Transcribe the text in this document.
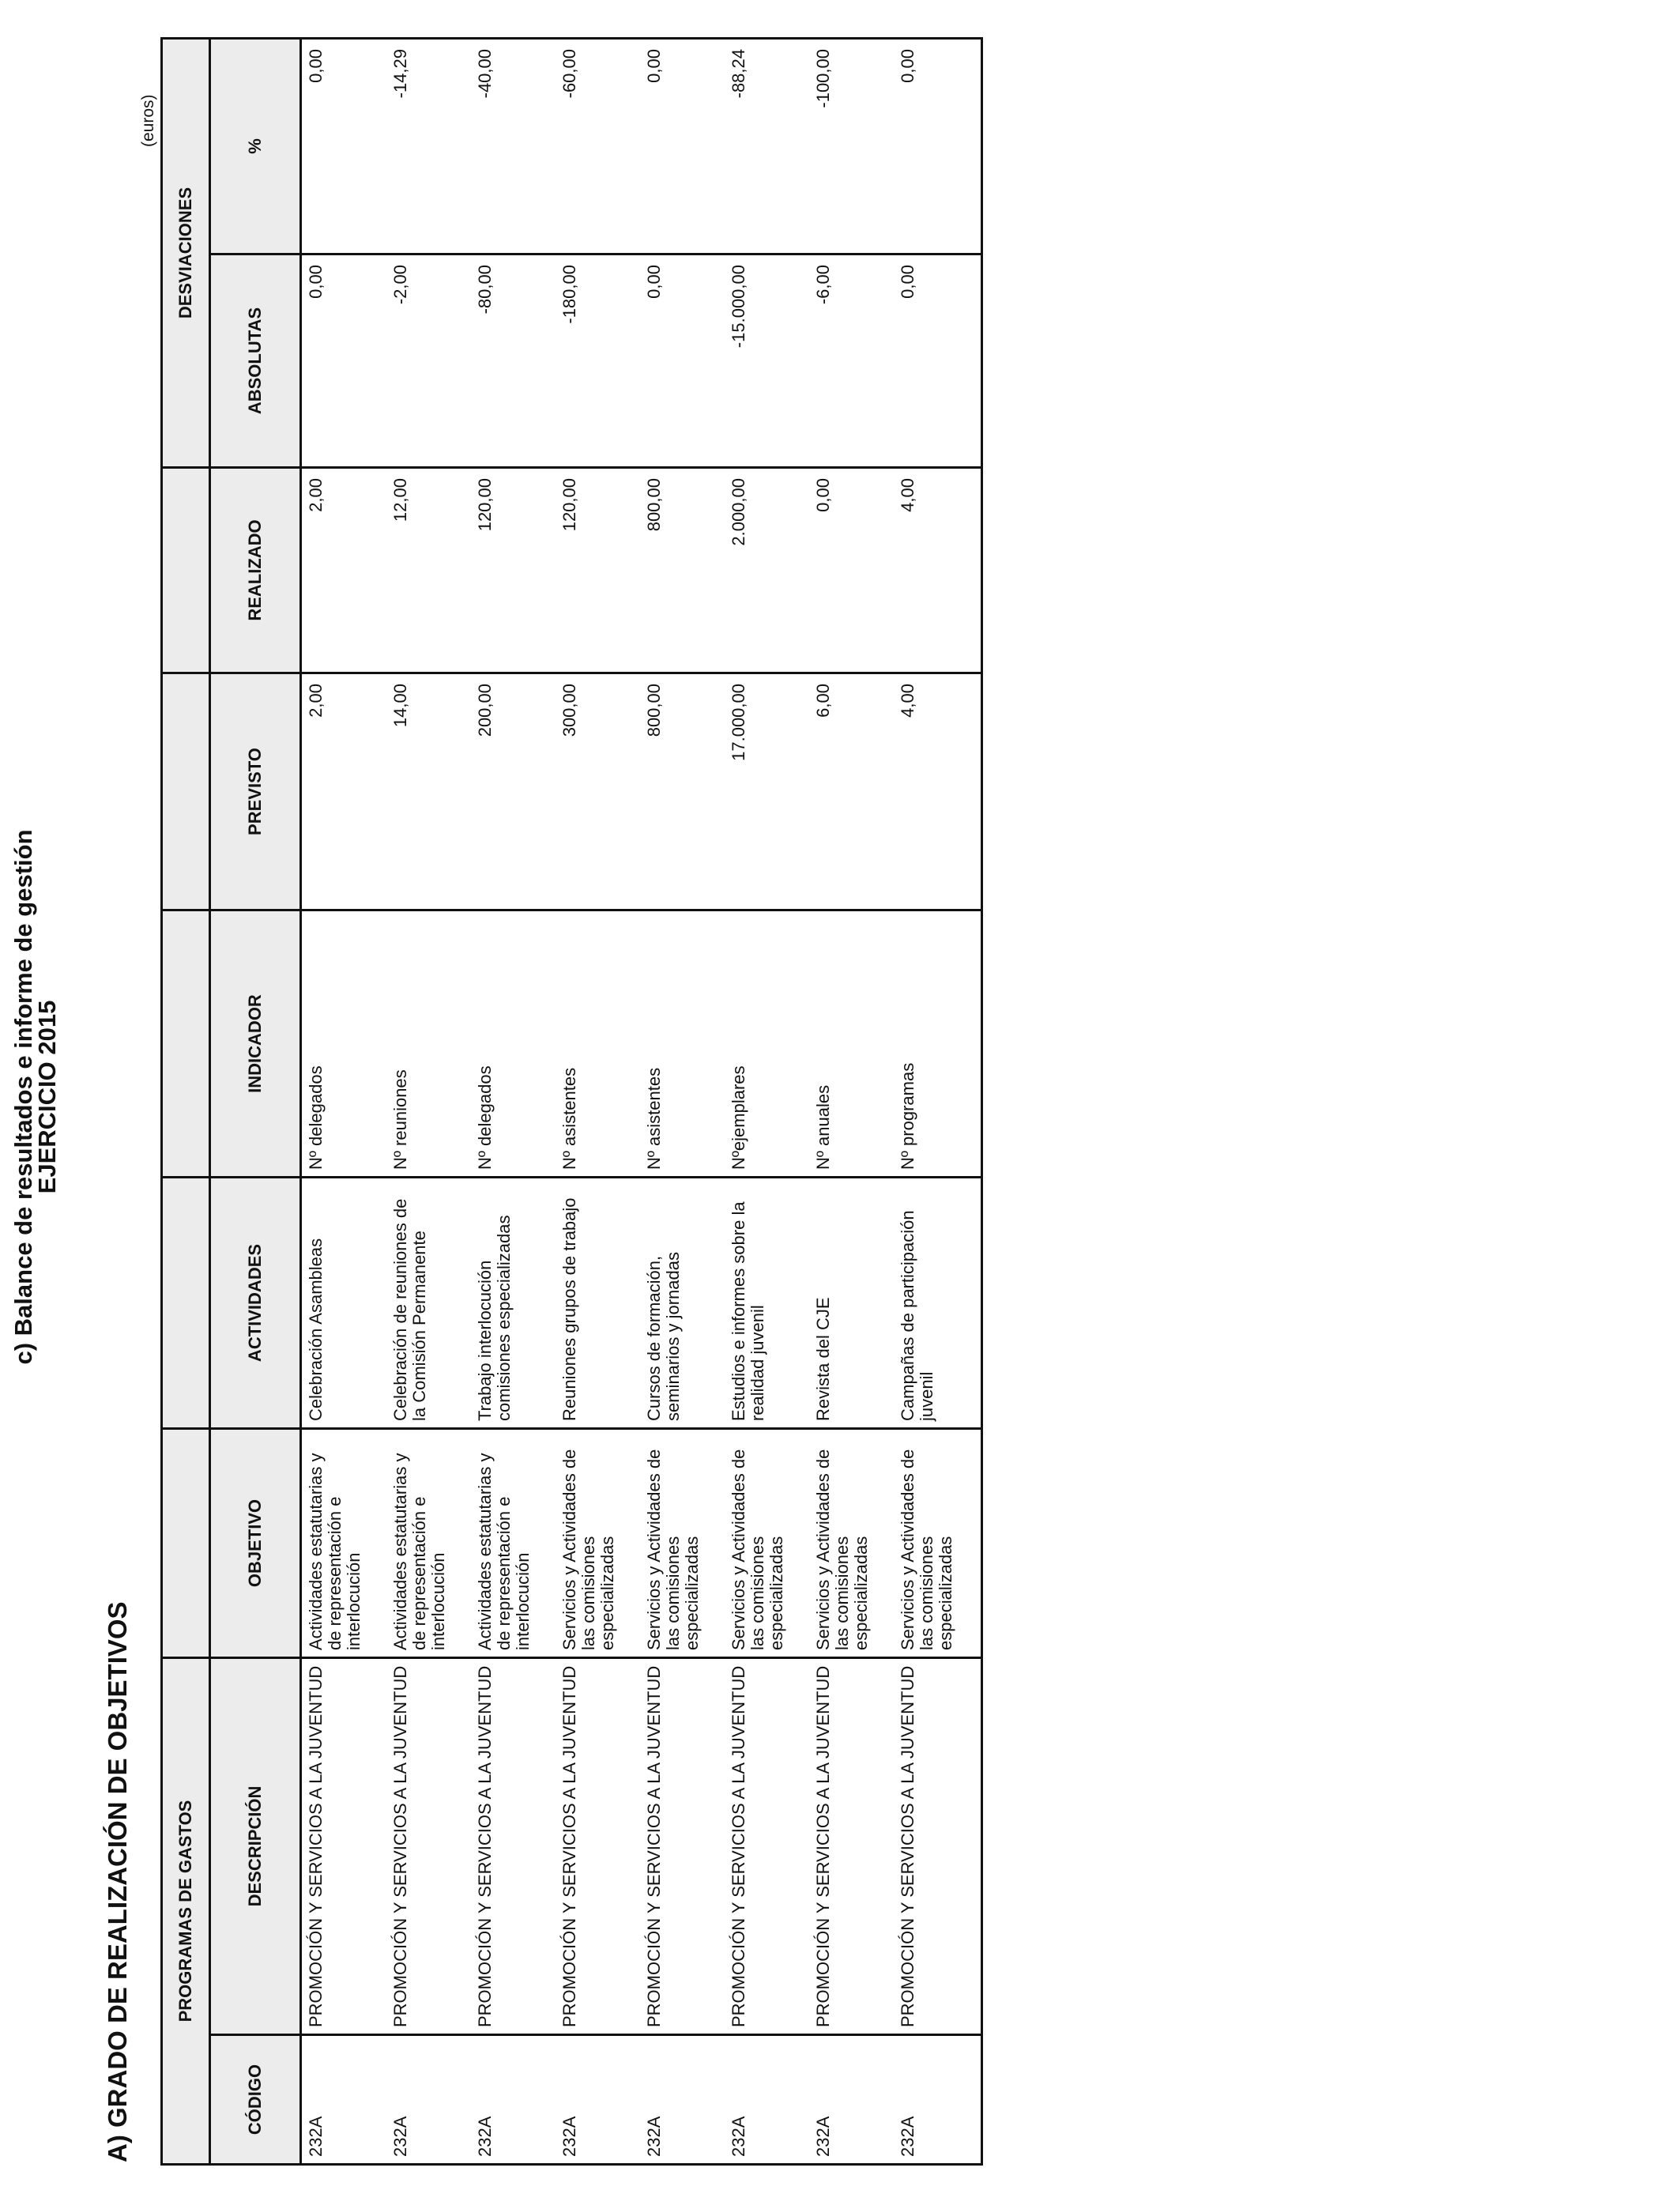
c) Balance de resultados e informe de gestión
EJERCICIO 2015
A) GRADO DE REALIZACIÓN DE OBJETIVOS
(euros)
PROGRAMAS DE GASTOS							DESVIACIONES	
CÓDIGO	DESCRIPCIÓN	OBJETIVO	ACTIVIDADES	INDICADOR	PREVISTO	REALIZADO	ABSOLUTAS	%
232A	PROMOCIÓN Y SERVICIOS A LA JUVENTUD	Actividades estatutarias y de representación e interlocución	Celebración Asambleas	Nº delegados	2,00	2,00	0,00	0,00
232A	PROMOCIÓN Y SERVICIOS A LA JUVENTUD	Actividades estatutarias y de representación e interlocución	Celebración de reuniones de la Comisión Permanente	Nº reuniones	14,00	12,00	-2,00	-14,29
232A	PROMOCIÓN Y SERVICIOS A LA JUVENTUD	Actividades estatutarias y de representación e interlocución	Trabajo interlocución comisiones especializadas	Nº delegados	200,00	120,00	-80,00	-40,00
232A	PROMOCIÓN Y SERVICIOS A LA JUVENTUD	Servicios y Actividades de las comisiones especializadas	Reuniones grupos de trabajo	Nº asistentes	300,00	120,00	-180,00	-60,00
232A	PROMOCIÓN Y SERVICIOS A LA JUVENTUD	Servicios y Actividades de las comisiones especializadas	Cursos de formación, seminarios y jornadas	Nº asistentes	800,00	800,00	0,00	0,00
232A	PROMOCIÓN Y SERVICIOS A LA JUVENTUD	Servicios y Actividades de las comisiones especializadas	Estudios e informes sobre la realidad juvenil	Nºejemplares	17.000,00	2.000,00	-15.000,00	-88,24
232A	PROMOCIÓN Y SERVICIOS A LA JUVENTUD	Servicios y Actividades de las comisiones especializadas	Revista del CJE	Nº anuales	6,00	0,00	-6,00	-100,00
232A	PROMOCIÓN Y SERVICIOS A LA JUVENTUD	Servicios y Actividades de las comisiones especializadas	Campañas de participación juvenil	Nº programas	4,00	4,00	0,00	0,00
